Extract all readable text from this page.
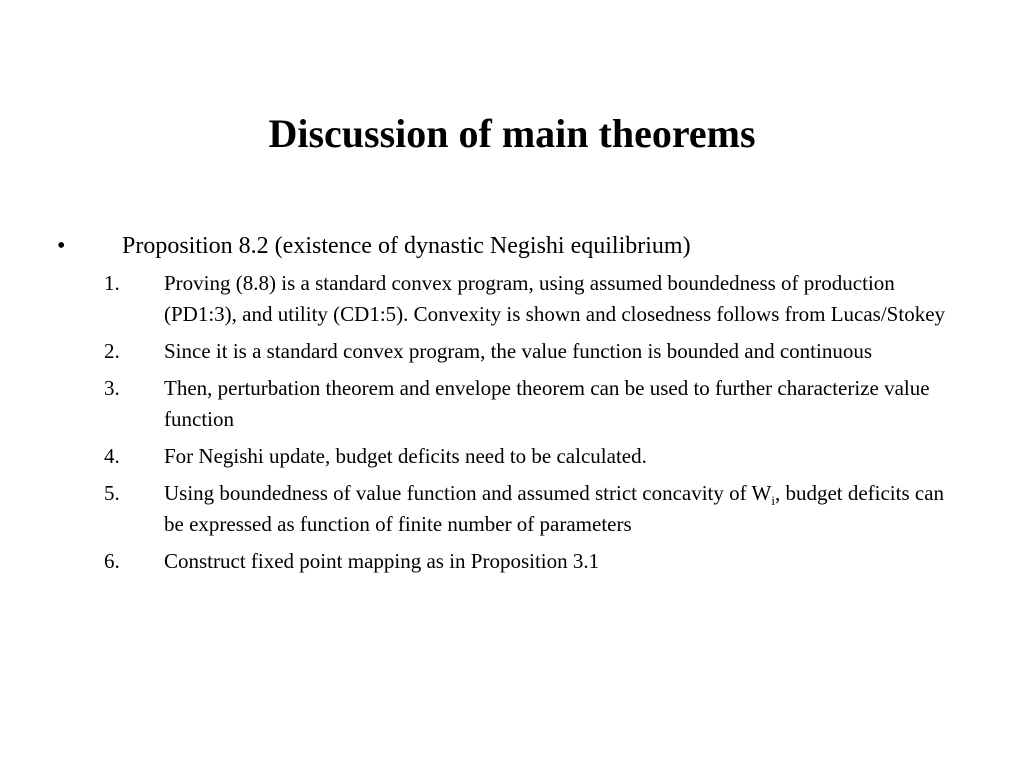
Discussion of main theorems
• Proposition 8.2 (existence of dynastic Negishi equilibrium)
1. Proving (8.8) is a standard convex program, using assumed boundedness of production (PD1:3), and utility (CD1:5). Convexity is shown and closedness follows from Lucas/Stokey
2. Since it is a standard convex program, the value function is bounded and continuous
3. Then, perturbation theorem and envelope theorem can be used to further characterize value function
4. For Negishi update, budget deficits need to be calculated.
5. Using boundedness of value function and assumed strict concavity of $W_i$, budget deficits can be expressed as function of finite number of parameters
6. Construct fixed point mapping as in Proposition 3.1
